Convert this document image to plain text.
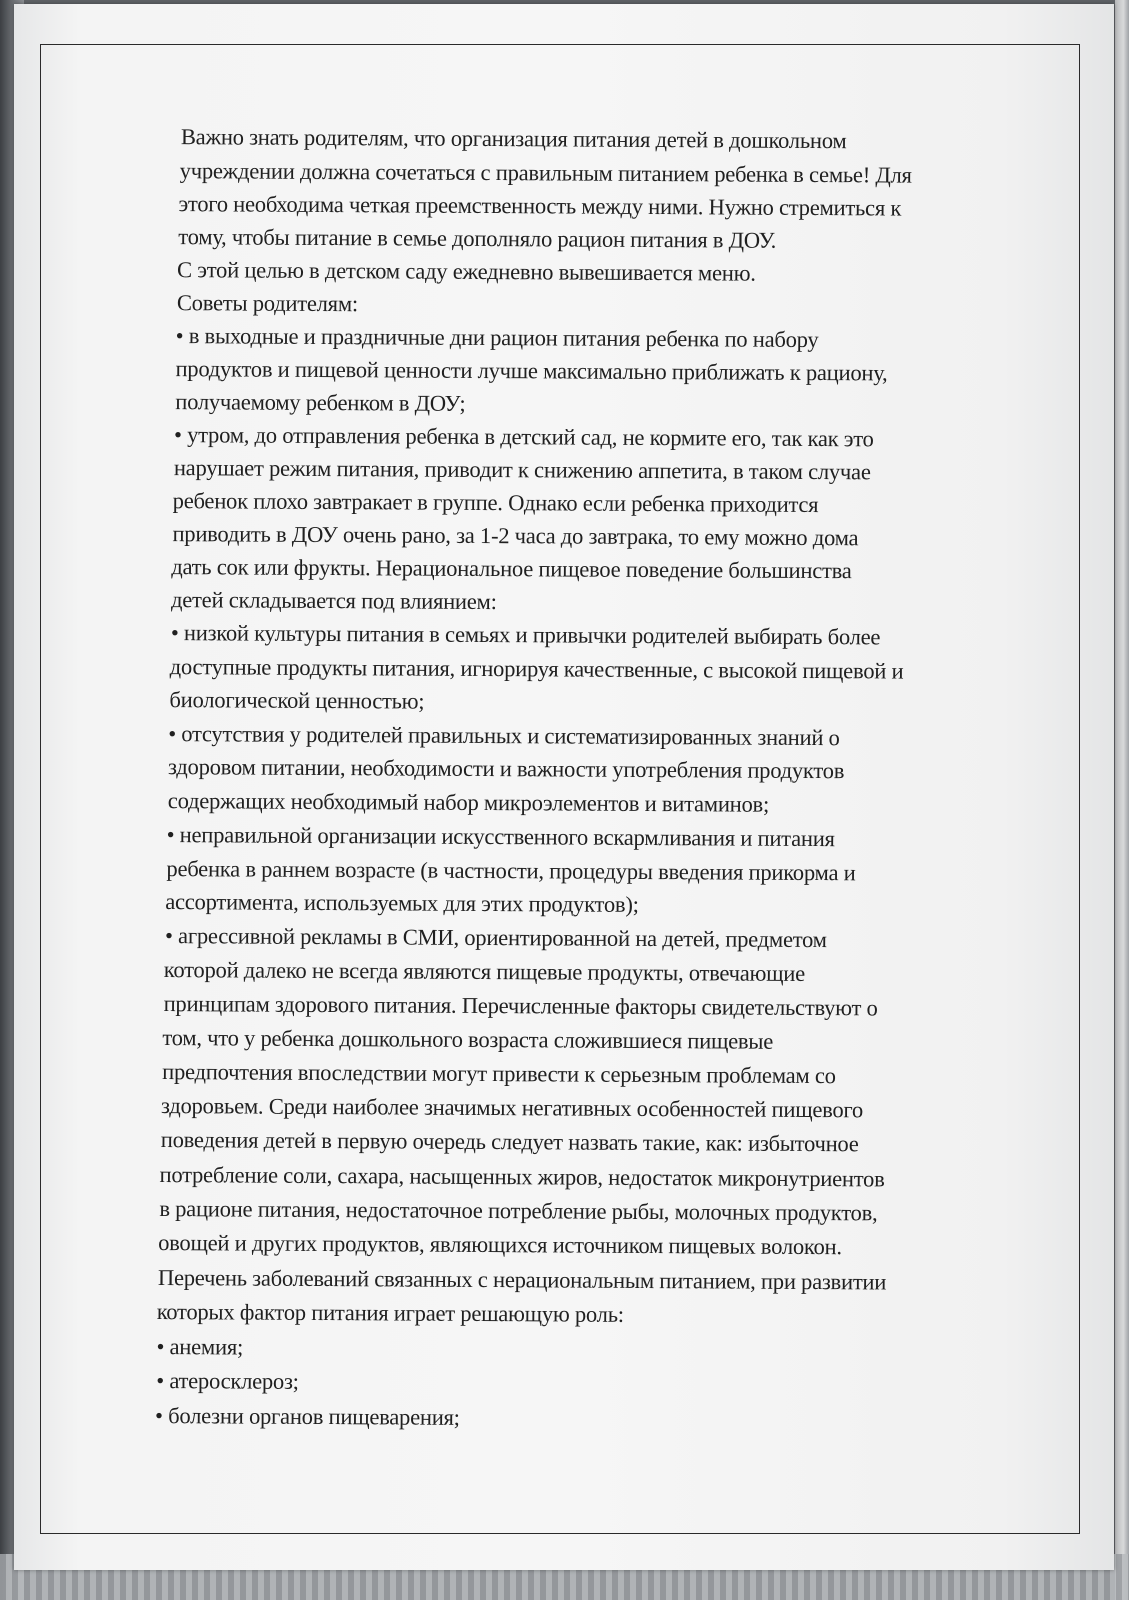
Важно знать родителям, что организация питания детей в дошкольном
учреждении должна сочетаться с правильным питанием ребенка в семье! Для
этого необходима четкая преемственность между ними. Нужно стремиться к
тому, чтобы питание в семье дополняло рацион питания в ДОУ.
С этой целью в детском саду ежедневно вывешивается меню.
Советы родителям:
• в выходные и праздничные дни рацион питания ребенка по набору
продуктов и пищевой ценности лучше максимально приближать к рациону,
получаемому ребенком в ДОУ;
• утром, до отправления ребенка в детский сад, не кормите его, так как это
нарушает режим питания, приводит к снижению аппетита, в таком случае
ребенок плохо завтракает в группе. Однако если ребенка приходится
приводить в ДОУ очень рано, за 1-2 часа до завтрака, то ему можно дома
дать сок или фрукты. Нерациональное пищевое поведение большинства
детей складывается под влиянием:
• низкой культуры питания в семьях и привычки родителей выбирать более
доступные продукты питания, игнорируя качественные, с высокой пищевой и
биологической ценностью;
• отсутствия у родителей правильных и систематизированных знаний о
здоровом питании, необходимости и важности употребления продуктов
содержащих необходимый набор микроэлементов и витаминов;
• неправильной организации искусственного вскармливания и питания
ребенка в раннем возрасте (в частности, процедуры введения прикорма и
ассортимента, используемых для этих продуктов);
• агрессивной рекламы в СМИ, ориентированной на детей, предметом
которой далеко не всегда являются пищевые продукты, отвечающие
принципам здорового питания. Перечисленные факторы свидетельствуют о
том, что у ребенка дошкольного возраста сложившиеся пищевые
предпочтения впоследствии могут привести к серьезным проблемам со
здоровьем. Среди наиболее значимых негативных особенностей пищевого
поведения детей в первую очередь следует назвать такие, как: избыточное
потребление соли, сахара, насыщенных жиров, недостаток микронутриентов
в рационе питания, недостаточное потребление рыбы, молочных продуктов,
овощей и других продуктов, являющихся источником пищевых волокон.
Перечень заболеваний связанных с нерациональным питанием, при развитии
которых фактор питания играет решающую роль:
• анемия;
• атеросклероз;
• болезни органов пищеварения;
